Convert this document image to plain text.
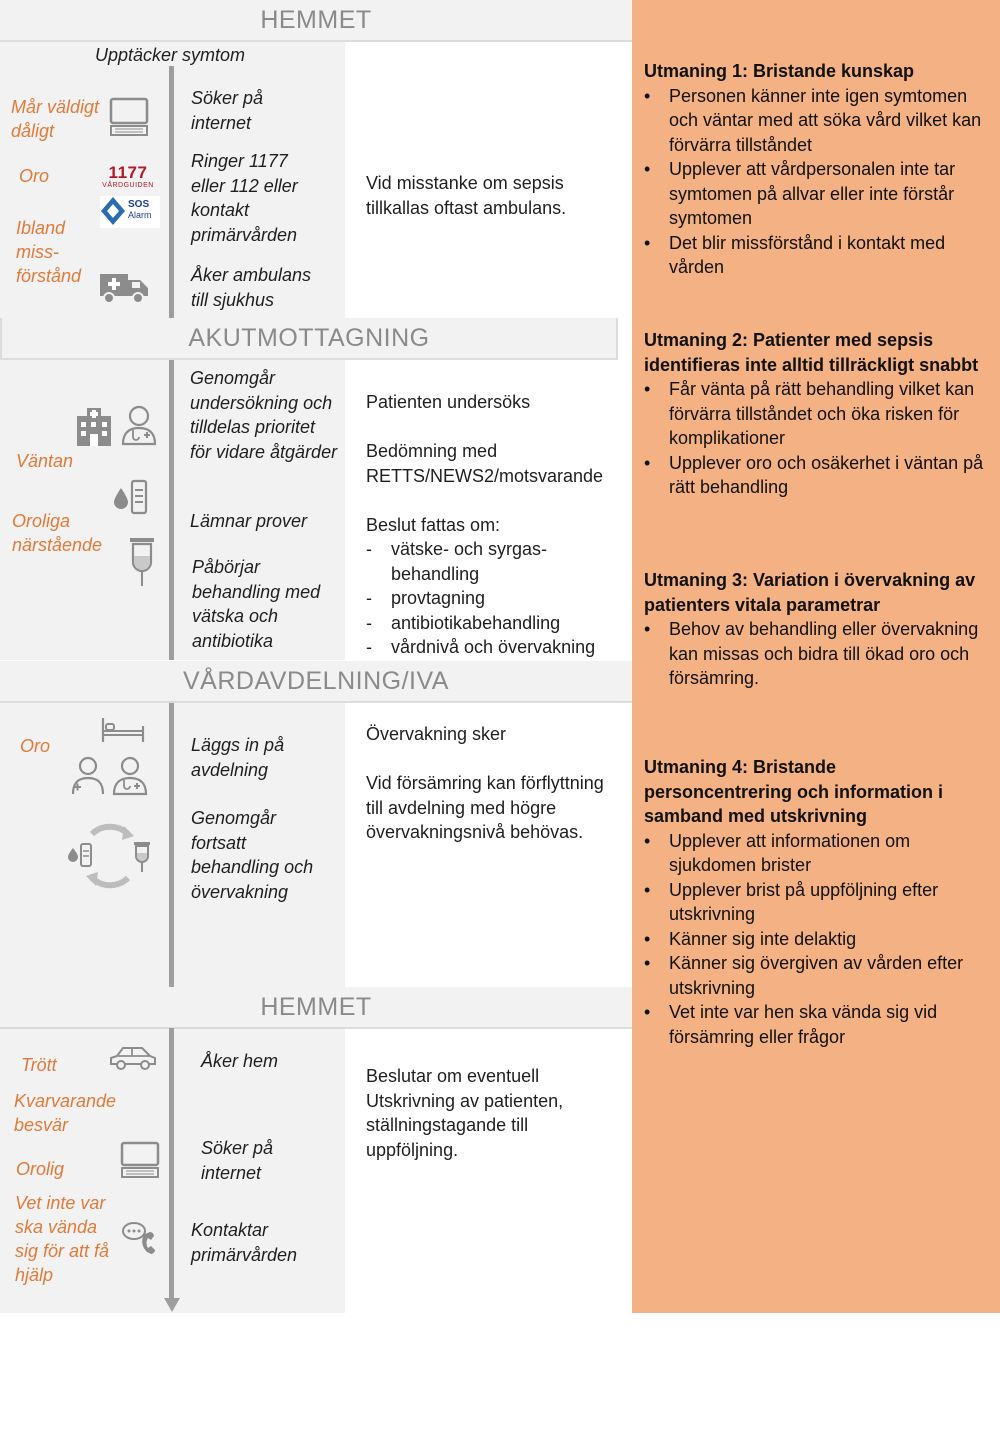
HEMMET
AKUTMOTTAGNING
VÅRDAVDELNING/IVA
HEMMET
Upptäcker symtom
Mår väldigt dåligt
Oro
Ibland miss-förstånd
1177
VÅRDGUIDEN
SOS
Alarm
Söker på internet
Ringer 1177 eller 112 eller kontakt primärvården
Åker ambulans till sjukhus
Vid misstanke om sepsis tillkallas oftast ambulans.
Väntan
Oroliga närstående
Genomgår undersökning och tilldelas prioritet för vidare åtgärder
Lämnar prover
Påbörjar behandling med vätska och antibiotika

Patienten undersöks

Bedömning med RETTS/NEWS2/motsvarande

Beslut fattas om:

- vätske- och syrgas-behandling
- provtagning
- antibiotikabehandling
- vårdnivå och övervakning
Oro	Läggs in på avdelning
Genomgår fortsatt behandling och övervakning

Övervakning sker

Vid försämring kan förflyttning till avdelning med högre övervakningsnivå behövas.

Trött
Kvarvarande besvär
Orolig
Vet inte var ska vända sig för att få hjälp
Åker hem
Söker på internet
Kontaktar primärvården
Beslutar om eventuell Utskrivning av patienten, ställningstagande till uppföljning.
Utmaning 1: Bristande kunskap
• Personen känner inte igen symtomen och väntar med att söka vård vilket kan förvärra tillståndet
• Upplever att vårdpersonalen inte tar symtomen på allvar eller inte förstår symtomen
• Det blir missförstånd i kontakt med vården
Utmaning 2: Patienter med sepsis identifieras inte alltid tillräckligt snabbt
• Får vänta på rätt behandling vilket kan förvärra tillståndet och öka risken för komplikationer
• Upplever oro och osäkerhet i väntan på rätt behandling
Utmaning 3: Variation i övervakning av patienters vitala parametrar
• Behov av behandling eller övervakning kan missas och bidra till ökad oro och försämring.
Utmaning 4: Bristande personcentrering och information i samband med utskrivning
• Upplever att informationen om sjukdomen brister
• Upplever brist på uppföljning efter utskrivning
• Känner sig inte delaktig
• Känner sig övergiven av vården efter utskrivning
• Vet inte var hen ska vända sig vid försämring eller frågor
